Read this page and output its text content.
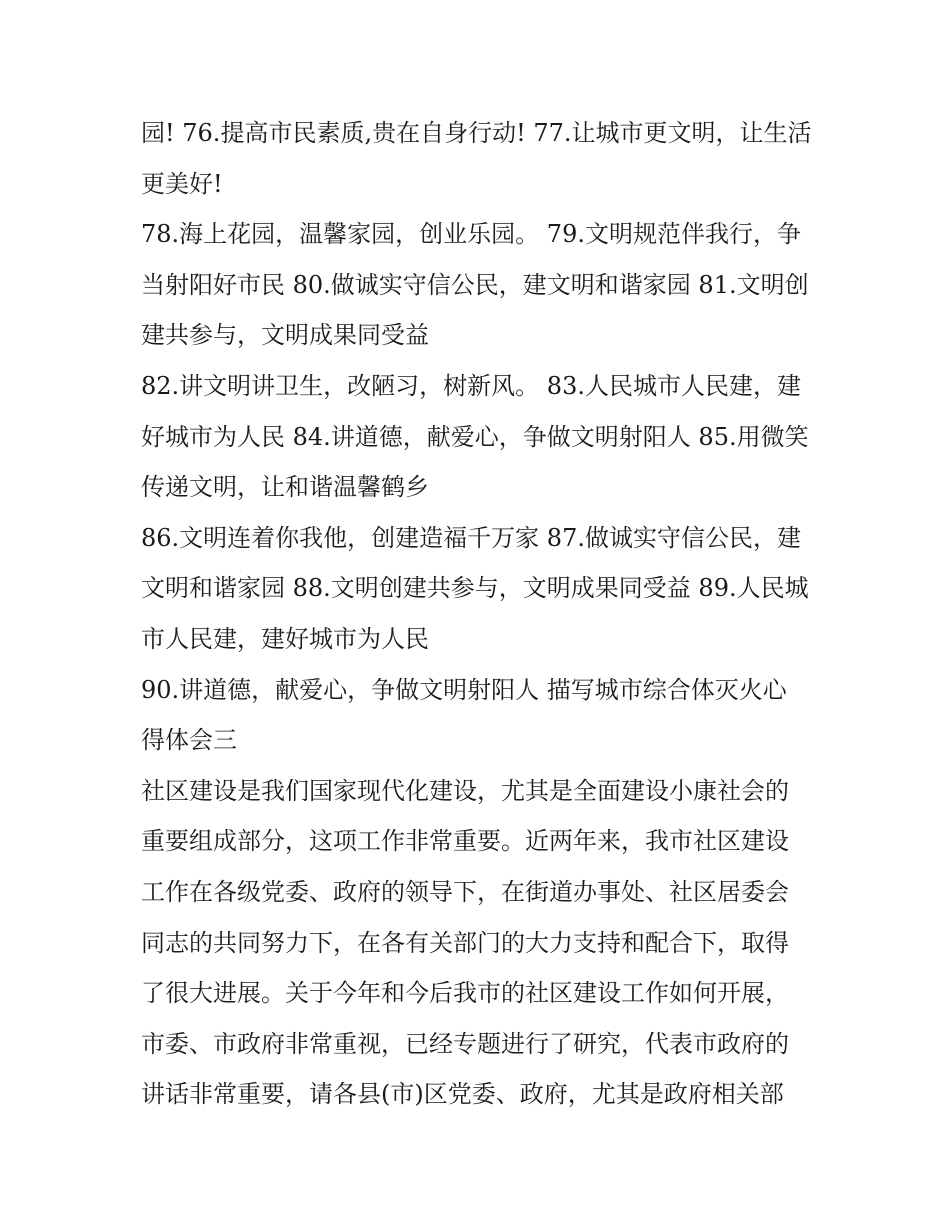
园! 76.提高市民素质,贵在自身行动! 77.让城市更文明，让生活
更美好!
78.海上花园，温馨家园，创业乐园。 79.文明规范伴我行，争
当射阳好市民 80.做诚实守信公民，建文明和谐家园 81.文明创
建共参与，文明成果同受益
82.讲文明讲卫生，改陋习，树新风。 83.人民城市人民建，建
好城市为人民 84.讲道德，献爱心，争做文明射阳人 85.用微笑
传递文明，让和谐温馨鹤乡
86.文明连着你我他，创建造福千万家 87.做诚实守信公民，建
文明和谐家园 88.文明创建共参与，文明成果同受益 89.人民城
市人民建，建好城市为人民
90.讲道德，献爱心，争做文明射阳人 描写城市综合体灭火心
得体会三
社区建设是我们国家现代化建设，尤其是全面建设小康社会的
重要组成部分，这项工作非常重要。近两年来，我市社区建设
工作在各级党委、政府的领导下，在街道办事处、社区居委会
同志的共同努力下，在各有关部门的大力支持和配合下，取得
了很大进展。关于今年和今后我市的社区建设工作如何开展，
市委、市政府非常重视，已经专题进行了研究，代表市政府的
讲话非常重要，请各县(市)区党委、政府，尤其是政府相关部
